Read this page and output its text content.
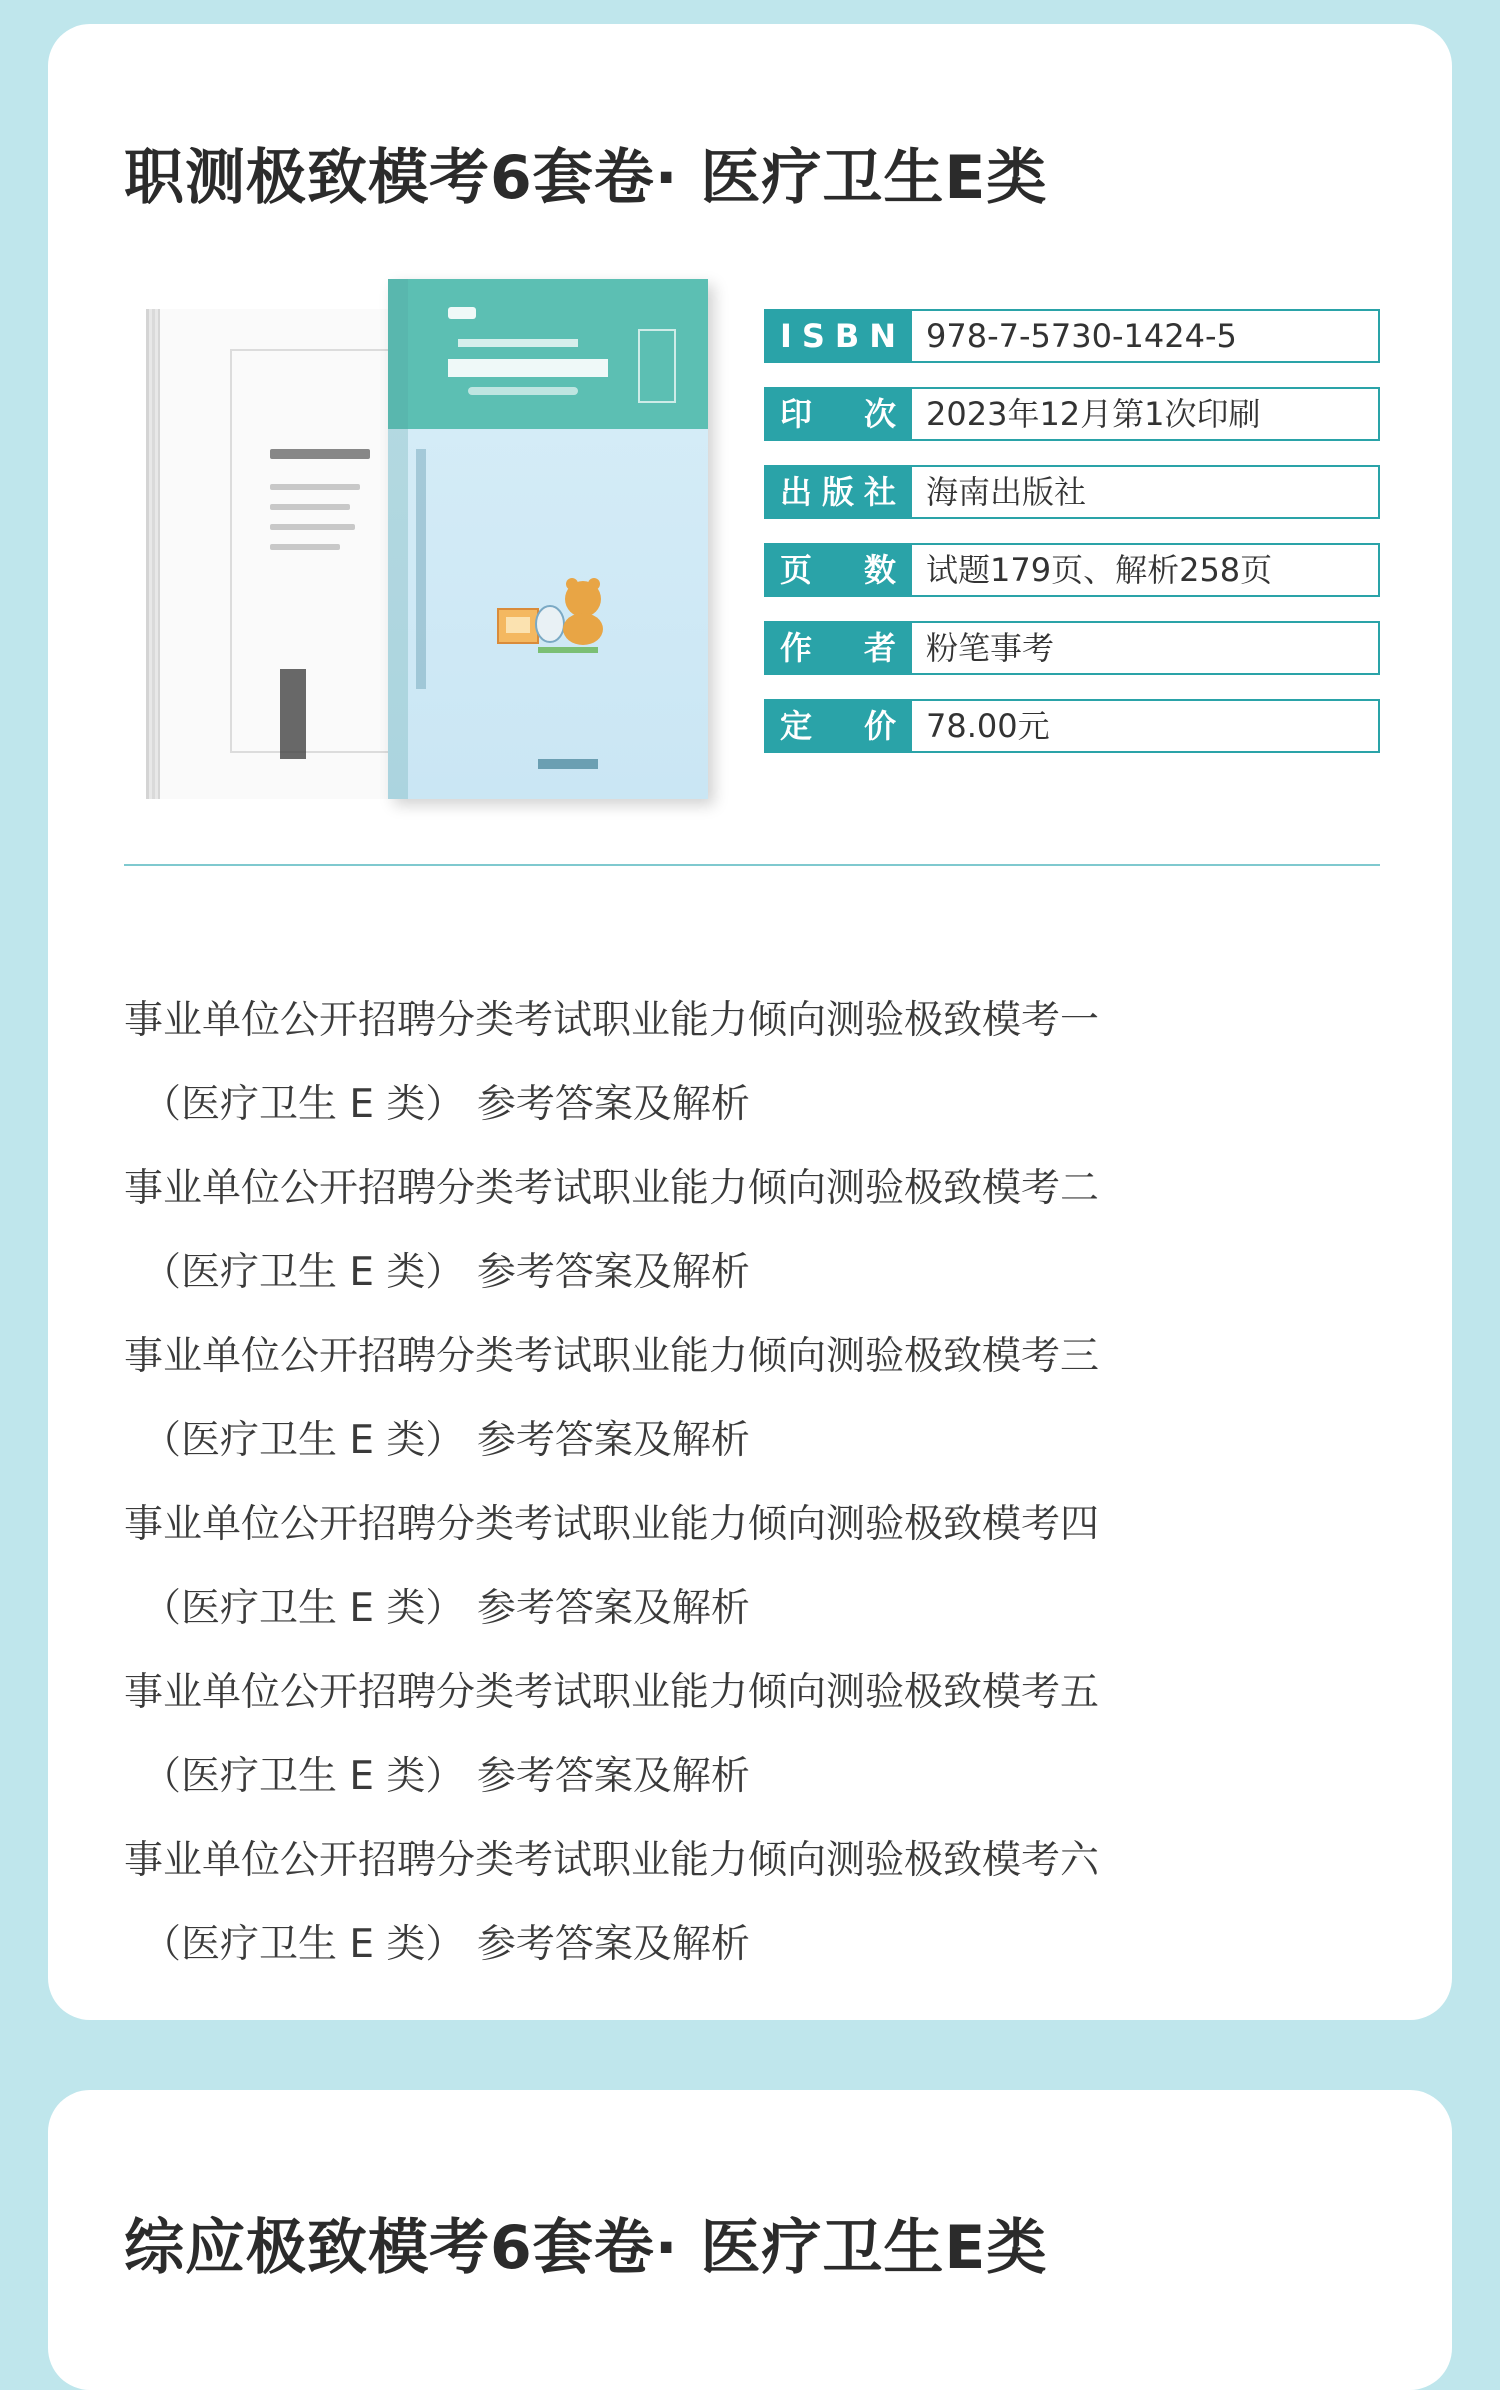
职测极致模考6套卷· 医疗卫生E类
I S B N 978-7-5730-1424-5
印 次 2023年12月第1次印刷
出 版 社 海南出版社
页 数 试题179页、解析258页
作 者 粉笔事考
定 价 78.00元
事业单位公开招聘分类考试职业能力倾向测验极致模考一
（医疗卫生 E 类） 参考答案及解析
事业单位公开招聘分类考试职业能力倾向测验极致模考二
（医疗卫生 E 类） 参考答案及解析
事业单位公开招聘分类考试职业能力倾向测验极致模考三
（医疗卫生 E 类） 参考答案及解析
事业单位公开招聘分类考试职业能力倾向测验极致模考四
（医疗卫生 E 类） 参考答案及解析
事业单位公开招聘分类考试职业能力倾向测验极致模考五
（医疗卫生 E 类） 参考答案及解析
事业单位公开招聘分类考试职业能力倾向测验极致模考六
（医疗卫生 E 类） 参考答案及解析
综应极致模考6套卷· 医疗卫生E类
